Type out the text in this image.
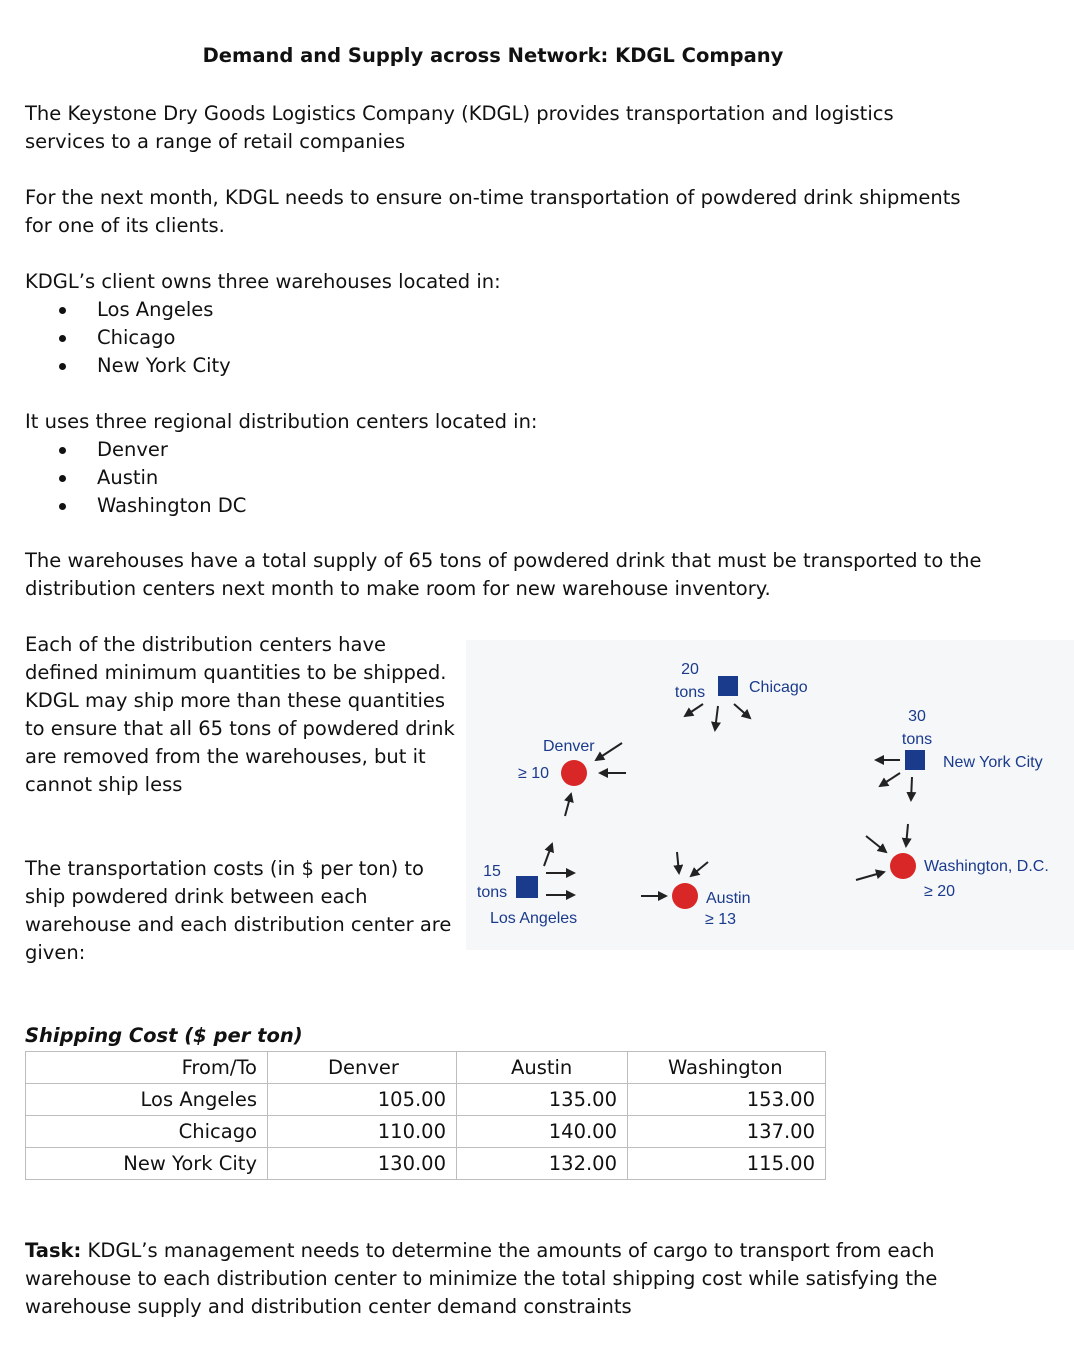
Demand and Supply across Network: KDGL Company

The Keystone Dry Goods Logistics Company (KDGL) provides transportation and logistics services to a range of retail companies

For the next month, KDGL needs to ensure on-time transportation of powdered drink shipments for one of its clients.

KDGL’s client owns three warehouses located in:

Los Angeles
Chicago
New York City

It uses three regional distribution centers located in:

Denver
Austin
Washington DC

The warehouses have a total supply of 65 tons of powdered drink that must be transported to the distribution centers next month to make room for new warehouse inventory.

Each of the distribution centers have defined minimum quantities to be shipped. KDGL may ship more than these quantities to ensure that all 65 tons of powdered drink are removed from the warehouses, but it cannot ship less

The transportation costs (in $ per ton) to ship powdered drink between each warehouse and each distribution center are given:

20
tons	Chicago
30
tons
New York City
Denver
≥ 10
15
tons
Los Angeles
Austin
≥ 13
Washington, D.C.
≥ 20
Shipping Cost ($ per ton)
From/To	Denver	Austin	Washington
Los Angeles	105.00	135.00	153.00
Chicago	110.00	140.00	137.00
New York City	130.00	132.00	115.00

Task: KDGL’s management needs to determine the amounts of cargo to transport from each warehouse to each distribution center to minimize the total shipping cost while satisfying the warehouse supply and distribution center demand constraints
